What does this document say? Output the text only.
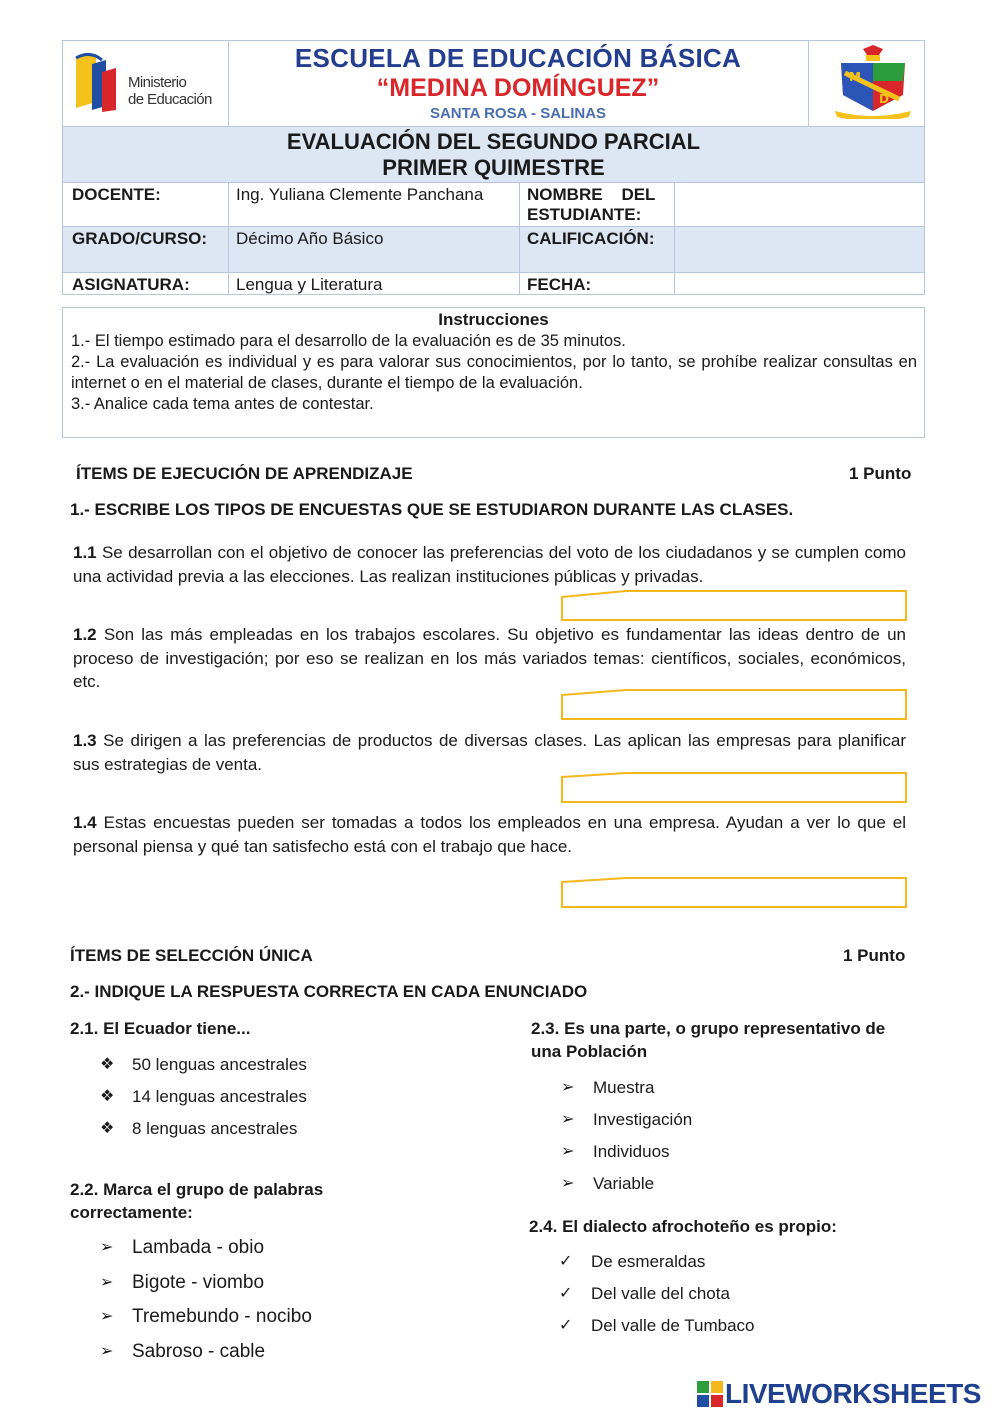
Ministerio
de Educación
ESCUELA DE EDUCACIÓN BÁSICA
“MEDINA DOMÍNGUEZ”
SANTA ROSA - SALINAS
M
D
EVALUACIÓN DEL SEGUNDO PARCIAL
PRIMER QUIMESTRE
DOCENTE:	Ing. Yuliana Clemente Panchana	NOMBRE    DEL
ESTUDIANTE:
GRADO/CURSO: Décimo Año Básico	CALIFICACIÓN:
ASIGNATURA:	Lengua y Literatura	FECHA:
Instrucciones
1.- El tiempo estimado para el desarrollo de la evaluación es de 35 minutos.
2.- La evaluación es individual y es para valorar sus conocimientos, por lo tanto, se prohíbe realizar consultas en internet o en el material de clases, durante el tiempo de la evaluación.
3.- Analice cada tema antes de contestar.
ÍTEMS DE EJECUCIÓN DE APRENDIZAJE	1 Punto
1.- ESCRIBE LOS TIPOS DE ENCUESTAS QUE SE ESTUDIARON DURANTE LAS CLASES.
1.1 Se desarrollan con el objetivo de conocer las preferencias del voto de los ciudadanos y se cumplen como una actividad previa a las elecciones. Las realizan instituciones públicas y privadas.
1.2 Son las más empleadas en los trabajos escolares. Su objetivo es fundamentar las ideas dentro de un proceso de investigación; por eso se realizan en los más variados temas: científicos, sociales, económicos, etc.
1.3 Se dirigen a las preferencias de productos de diversas clases. Las aplican las empresas para planificar sus estrategias de venta.
1.4 Estas encuestas pueden ser tomadas a todos los empleados en una empresa. Ayudan a ver lo que el personal piensa y qué tan satisfecho está con el trabajo que hace.
ÍTEMS DE SELECCIÓN ÚNICA	1 Punto
2.- INDIQUE LA RESPUESTA CORRECTA EN CADA ENUNCIADO
2.1. El Ecuador tiene...
❖	50 lenguas ancestrales
❖	14 lenguas ancestrales
❖	8 lenguas ancestrales
2.2. Marca el grupo de palabras
correctamente:
➢ Lambada - obio
➢ Bigote - viombo
➢ Tremebundo - nocibo
➢ Sabroso - cable
2.3. Es una parte, o grupo representativo de
una Población
➢	Muestra
➢	Investigación
➢	Individuos
➢	Variable
2.4. El dialecto afrochoteño es propio:
✓	De esmeraldas
✓	Del valle del chota
✓	Del valle de Tumbaco
LIVEWORKSHEETS
